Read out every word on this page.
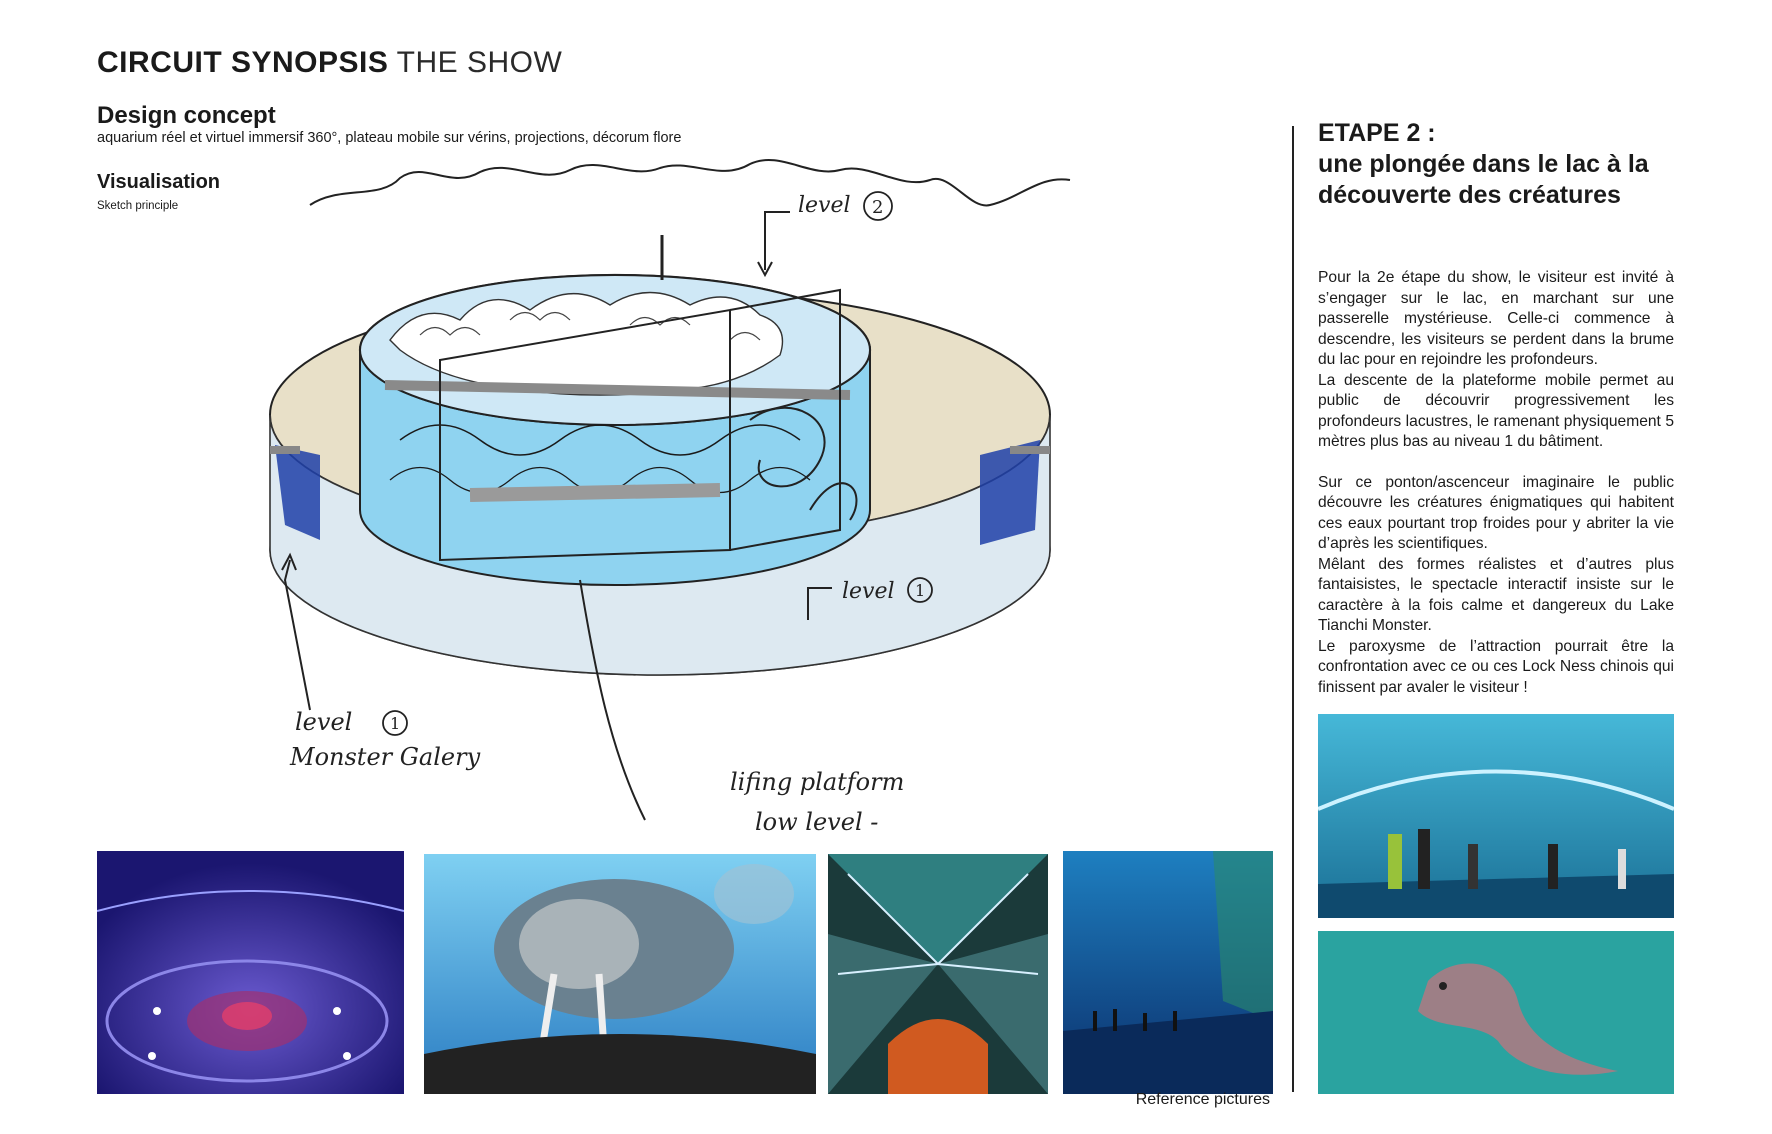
CIRCUIT SYNOPSIS THE SHOW
Design concept
aquarium réel et virtuel immersif 360°, plateau mobile sur vérins, projections, décorum flore
Visualisation
Sketch principle	level 2
level 1
level 1
Monster Galery
lifing platform
low level -
Reference pictures
ETAPE 2 :
une plongée dans le lac à la
découverte des créatures

Pour la 2e étape du show, le visiteur est invité à s’engager sur le lac, en marchant sur une passerelle mystérieuse. Celle-ci commence à descendre, les visiteurs se perdent dans la brume du lac pour en rejoindre les profondeurs.

La descente de la plateforme mobile permet au public de découvrir progressivement les profondeurs lacustres, le ramenant physiquement 5 mètres plus bas au niveau 1 du bâtiment.

Sur ce ponton/ascenceur imaginaire le public découvre les créatures énigmatiques qui habitent ces eaux pourtant trop froides pour y abriter la vie d’après les scientifiques.

Mêlant des formes réalistes et d’autres plus fantaisistes, le spectacle interactif insiste sur le caractère à la fois calme et dangereux du Lake Tianchi Monster.

Le paroxysme de l’attraction pourrait être la confrontation avec ce ou ces Lock Ness chinois qui finissent par avaler le visiteur !
